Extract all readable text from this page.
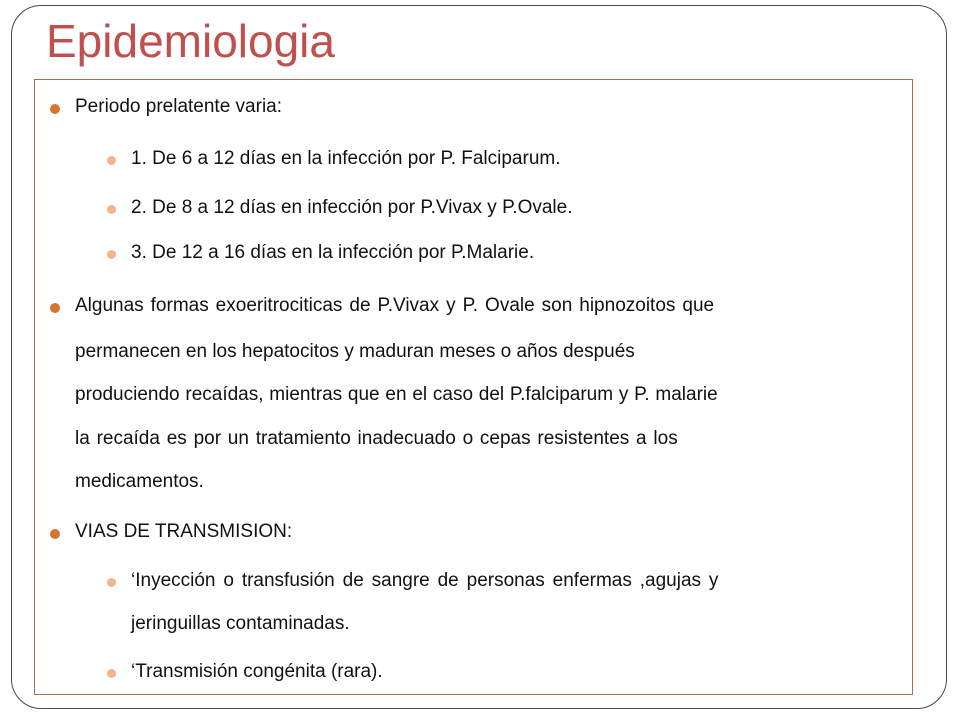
Epidemiologia
Periodo prelatente varia:
1. De 6 a 12 días en la infección por P. Falciparum.
2. De 8 a 12 días en infección por P.Vivax y P.Ovale.
3. De 12 a 16 días en la infección por P.Malarie.
Algunas formas exoeritrociticas de P.Vivax y P. Ovale son hipnozoitos que
permanecen en los hepatocitos y maduran meses o años después
produciendo recaídas, mientras que en el caso del P.falciparum y P. malarie
la recaída es por un tratamiento inadecuado o cepas resistentes a los
medicamentos.
VIAS DE TRANSMISION:
‘Inyección o transfusión de sangre de personas enfermas ,agujas y
jeringuillas contaminadas.
‘Transmisión congénita (rara).
